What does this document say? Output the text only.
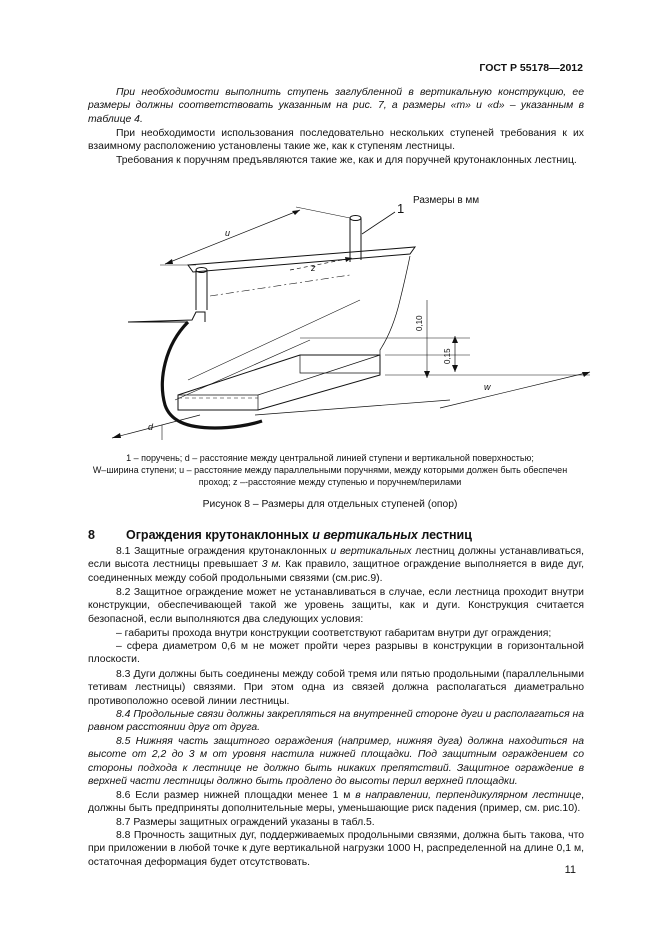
ГОСТ Р 55178—2012

При необходимости выполнить ступень заглубленной в вертикальную конструкцию, ее размеры должны соответствовать указанным на рис. 7, а размеры «m» и «d» – указанным в таблице 4.

При необходимости использования последовательно нескольких ступеней требования к их взаимному расположению установлены такие же, как к ступеням лестницы.

Требования к поручням предъявляются такие же, как и для поручней крутонаклонных лестниц.

u
z
d
w
0,10
0,15
1
Размеры в мм

1 – поручень; d – расстояние между центральной линией ступени и вертикальной поверхностью;

W–ширина ступени; u – расстояние между параллельными поручнями, между которыми должен быть обеспечен

проход; z –-расстояние между ступенью и поручнем/перилами

Рисунок 8 – Размеры для отдельных ступеней (опор)
8 Ограждения крутонаклонных и вертикальных лестниц

8.1 Защитные ограждения крутонаклонных и вертикальных лестниц должны устанавливаться, если высота лестницы превышает 3 м. Как правило, защитное ограждение выполняется в виде дуг, соединенных между собой продольными связями (см.рис.9).

8.2 Защитное ограждение может не устанавливаться в случае, если лестница проходит внутри конструкции, обеспечивающей такой же уровень защиты, как и дуги. Конструкция считается безопасной, если выполняются два следующих условия:

– габариты прохода внутри конструкции соответствуют габаритам внутри дуг ограждения;

– сфера диаметром 0,6 м не может пройти через разрывы в конструкции в горизонтальной плоскости.

8.3 Дуги должны быть соединены между собой тремя или пятью продольными (параллельными тетивам лестницы) связями. При этом одна из связей должна располагаться диаметрально противоположно осевой линии лестницы.

8.4 Продольные связи должны закрепляться на внутренней стороне дуги и располагаться на равном расстоянии друг от друга.

8.5 Нижняя часть защитного ограждения (например, нижняя дуга) должна находиться на высоте от 2,2 до 3 м от уровня настила нижней площадки. Под защитным ограждением со стороны подхода к лестнице не должно быть никаких препятствий. Защитное ограждение в верхней части лестницы должно быть продлено до высоты перил верхней площадки.

8.6 Если размер нижней площадки менее 1 м в направлении, перпендикулярном лестнице, должны быть предприняты дополнительные меры, уменьшающие риск падения (пример, см. рис.10).

8.7 Размеры защитных ограждений указаны в табл.5.

8.8 Прочность защитных дуг, поддерживаемых продольными связями, должна быть такова, что при приложении в любой точке к дуге вертикальной нагрузки 1000 Н, распределенной на длине 0,1 м, остаточная деформация будет отсутствовать.

11
